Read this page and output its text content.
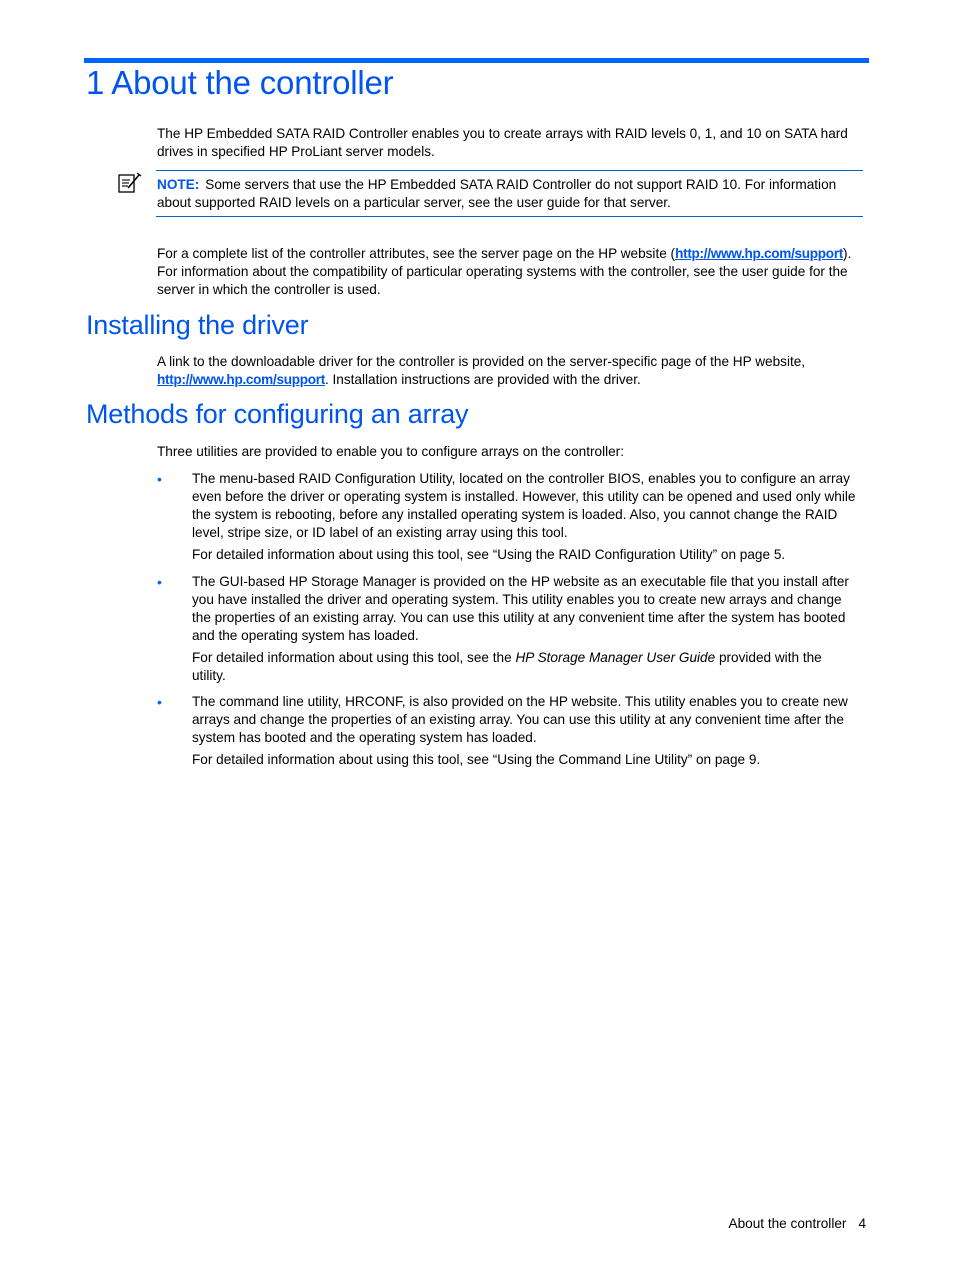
1 About the controller

The HP Embedded SATA RAID Controller enables you to create arrays with RAID levels 0, 1, and 10 on SATA hard drives in specified HP ProLiant server models.

NOTE: Some servers that use the HP Embedded SATA RAID Controller do not support RAID 10. For information about supported RAID levels on a particular server, see the user guide for that server.

For a complete list of the controller attributes, see the server page on the HP website (http://www.hp.com/support). For information about the compatibility of particular operating systems with the controller, see the user guide for the server in which the controller is used.

Installing the driver

A link to the downloadable driver for the controller is provided on the server-specific page of the HP website, http://www.hp.com/support. Installation instructions are provided with the driver.

Methods for configuring an array

Three utilities are provided to enable you to configure arrays on the controller:

• The menu-based RAID Configuration Utility, located on the controller BIOS, enables you to configure an array even before the driver or operating system is installed. However, this utility can be opened and used only while the system is rebooting, before any installed operating system is loaded. Also, you cannot change the RAID level, stripe size, or ID label of an existing array using this tool.
For detailed information about using this tool, see “Using the RAID Configuration Utility” on page 5.
• The GUI-based HP Storage Manager is provided on the HP website as an executable file that you install after you have installed the driver and operating system. This utility enables you to create new arrays and change the properties of an existing array. You can use this utility at any convenient time after the system has booted and the operating system has loaded.
For detailed information about using this tool, see the HP Storage Manager User Guide provided with the utility.
• The command line utility, HRCONF, is also provided on the HP website. This utility enables you to create new arrays and change the properties of an existing array. You can use this utility at any convenient time after the system has booted and the operating system has loaded.
For detailed information about using this tool, see “Using the Command Line Utility” on page 9.
About the controller 4
